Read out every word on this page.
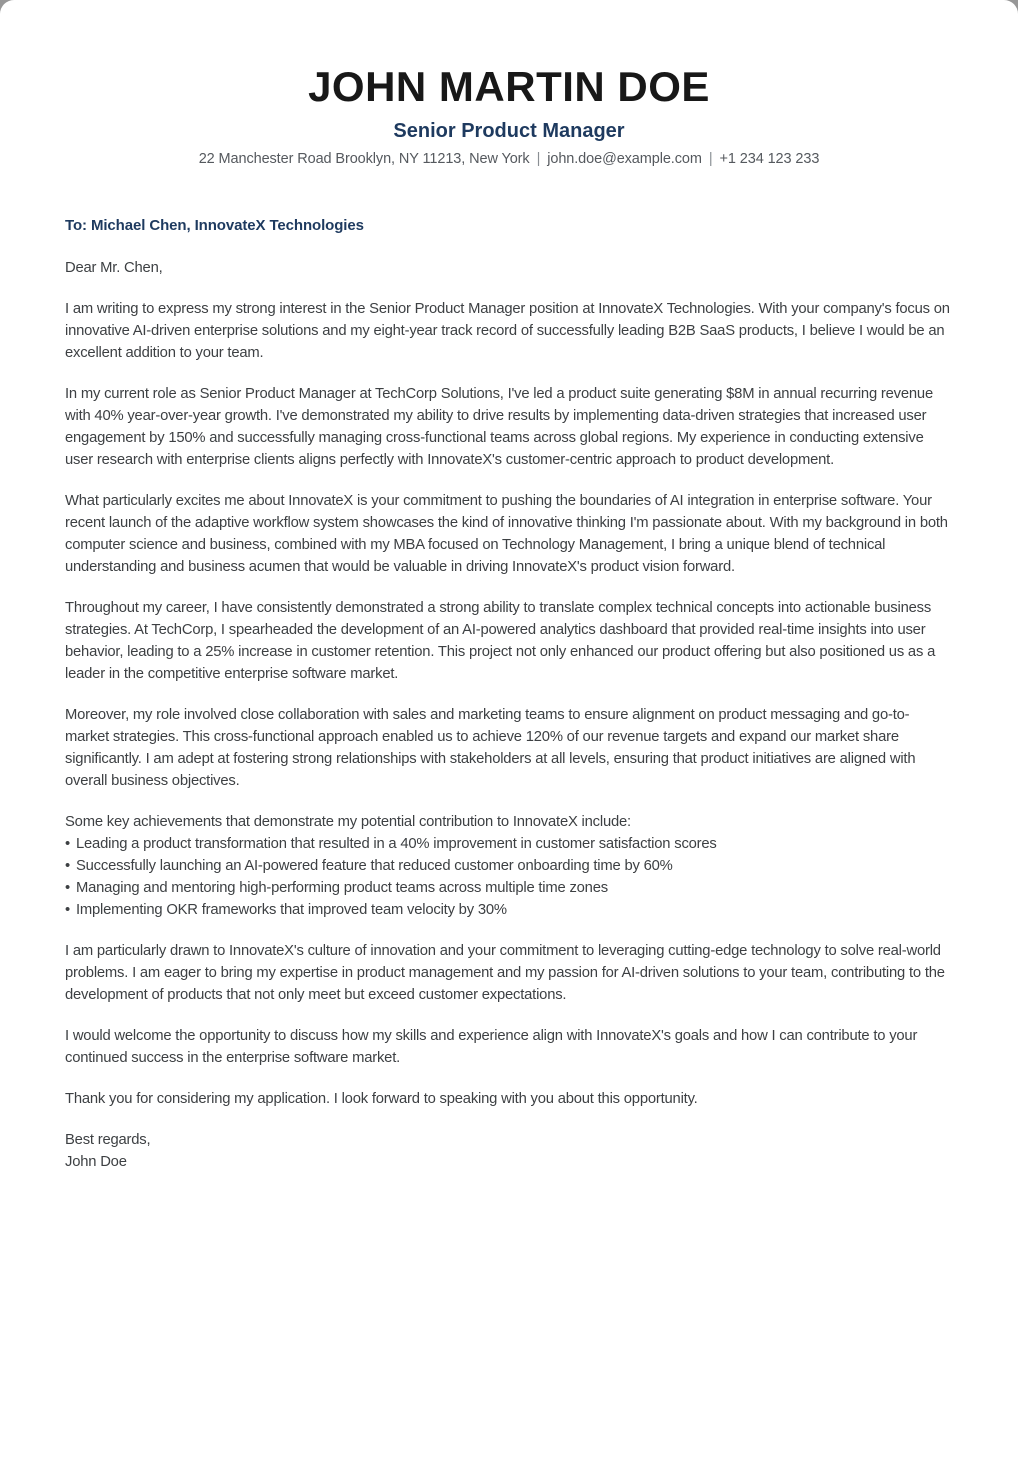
JOHN MARTIN DOE
Senior Product Manager
22 Manchester Road Brooklyn, NY 11213, New York | john.doe@example.com | +1 234 123 233
To: Michael Chen, InnovateX Technologies

Dear Mr. Chen,

I am writing to express my strong interest in the Senior Product Manager position at InnovateX Technologies. With your company's focus on innovative AI-driven enterprise solutions and my eight-year track record of successfully leading B2B SaaS products, I believe I would be an excellent addition to your team.

In my current role as Senior Product Manager at TechCorp Solutions, I've led a product suite generating $8M in annual recurring revenue with 40% year-over-year growth. I've demonstrated my ability to drive results by implementing data-driven strategies that increased user engagement by 150% and successfully managing cross-functional teams across global regions. My experience in conducting extensive user research with enterprise clients aligns perfectly with InnovateX's customer-centric approach to product development.

What particularly excites me about InnovateX is your commitment to pushing the boundaries of AI integration in enterprise software. Your recent launch of the adaptive workflow system showcases the kind of innovative thinking I'm passionate about. With my background in both computer science and business, combined with my MBA focused on Technology Management, I bring a unique blend of technical understanding and business acumen that would be valuable in driving InnovateX's product vision forward.

Throughout my career, I have consistently demonstrated a strong ability to translate complex technical concepts into actionable business strategies. At TechCorp, I spearheaded the development of an AI-powered analytics dashboard that provided real-time insights into user behavior, leading to a 25% increase in customer retention. This project not only enhanced our product offering but also positioned us as a leader in the competitive enterprise software market.

Moreover, my role involved close collaboration with sales and marketing teams to ensure alignment on product messaging and go-to-market strategies. This cross-functional approach enabled us to achieve 120% of our revenue targets and expand our market share significantly. I am adept at fostering strong relationships with stakeholders at all levels, ensuring that product initiatives are aligned with overall business objectives.

Some key achievements that demonstrate my potential contribution to InnovateX include:
• Leading a product transformation that resulted in a 40% improvement in customer satisfaction scores
• Successfully launching an AI-powered feature that reduced customer onboarding time by 60%
• Managing and mentoring high-performing product teams across multiple time zones
• Implementing OKR frameworks that improved team velocity by 30%

I am particularly drawn to InnovateX's culture of innovation and your commitment to leveraging cutting-edge technology to solve real-world problems. I am eager to bring my expertise in product management and my passion for AI-driven solutions to your team, contributing to the development of products that not only meet but exceed customer expectations.

I would welcome the opportunity to discuss how my skills and experience align with InnovateX's goals and how I can contribute to your continued success in the enterprise software market.

Thank you for considering my application. I look forward to speaking with you about this opportunity.

Best regards,
John Doe
